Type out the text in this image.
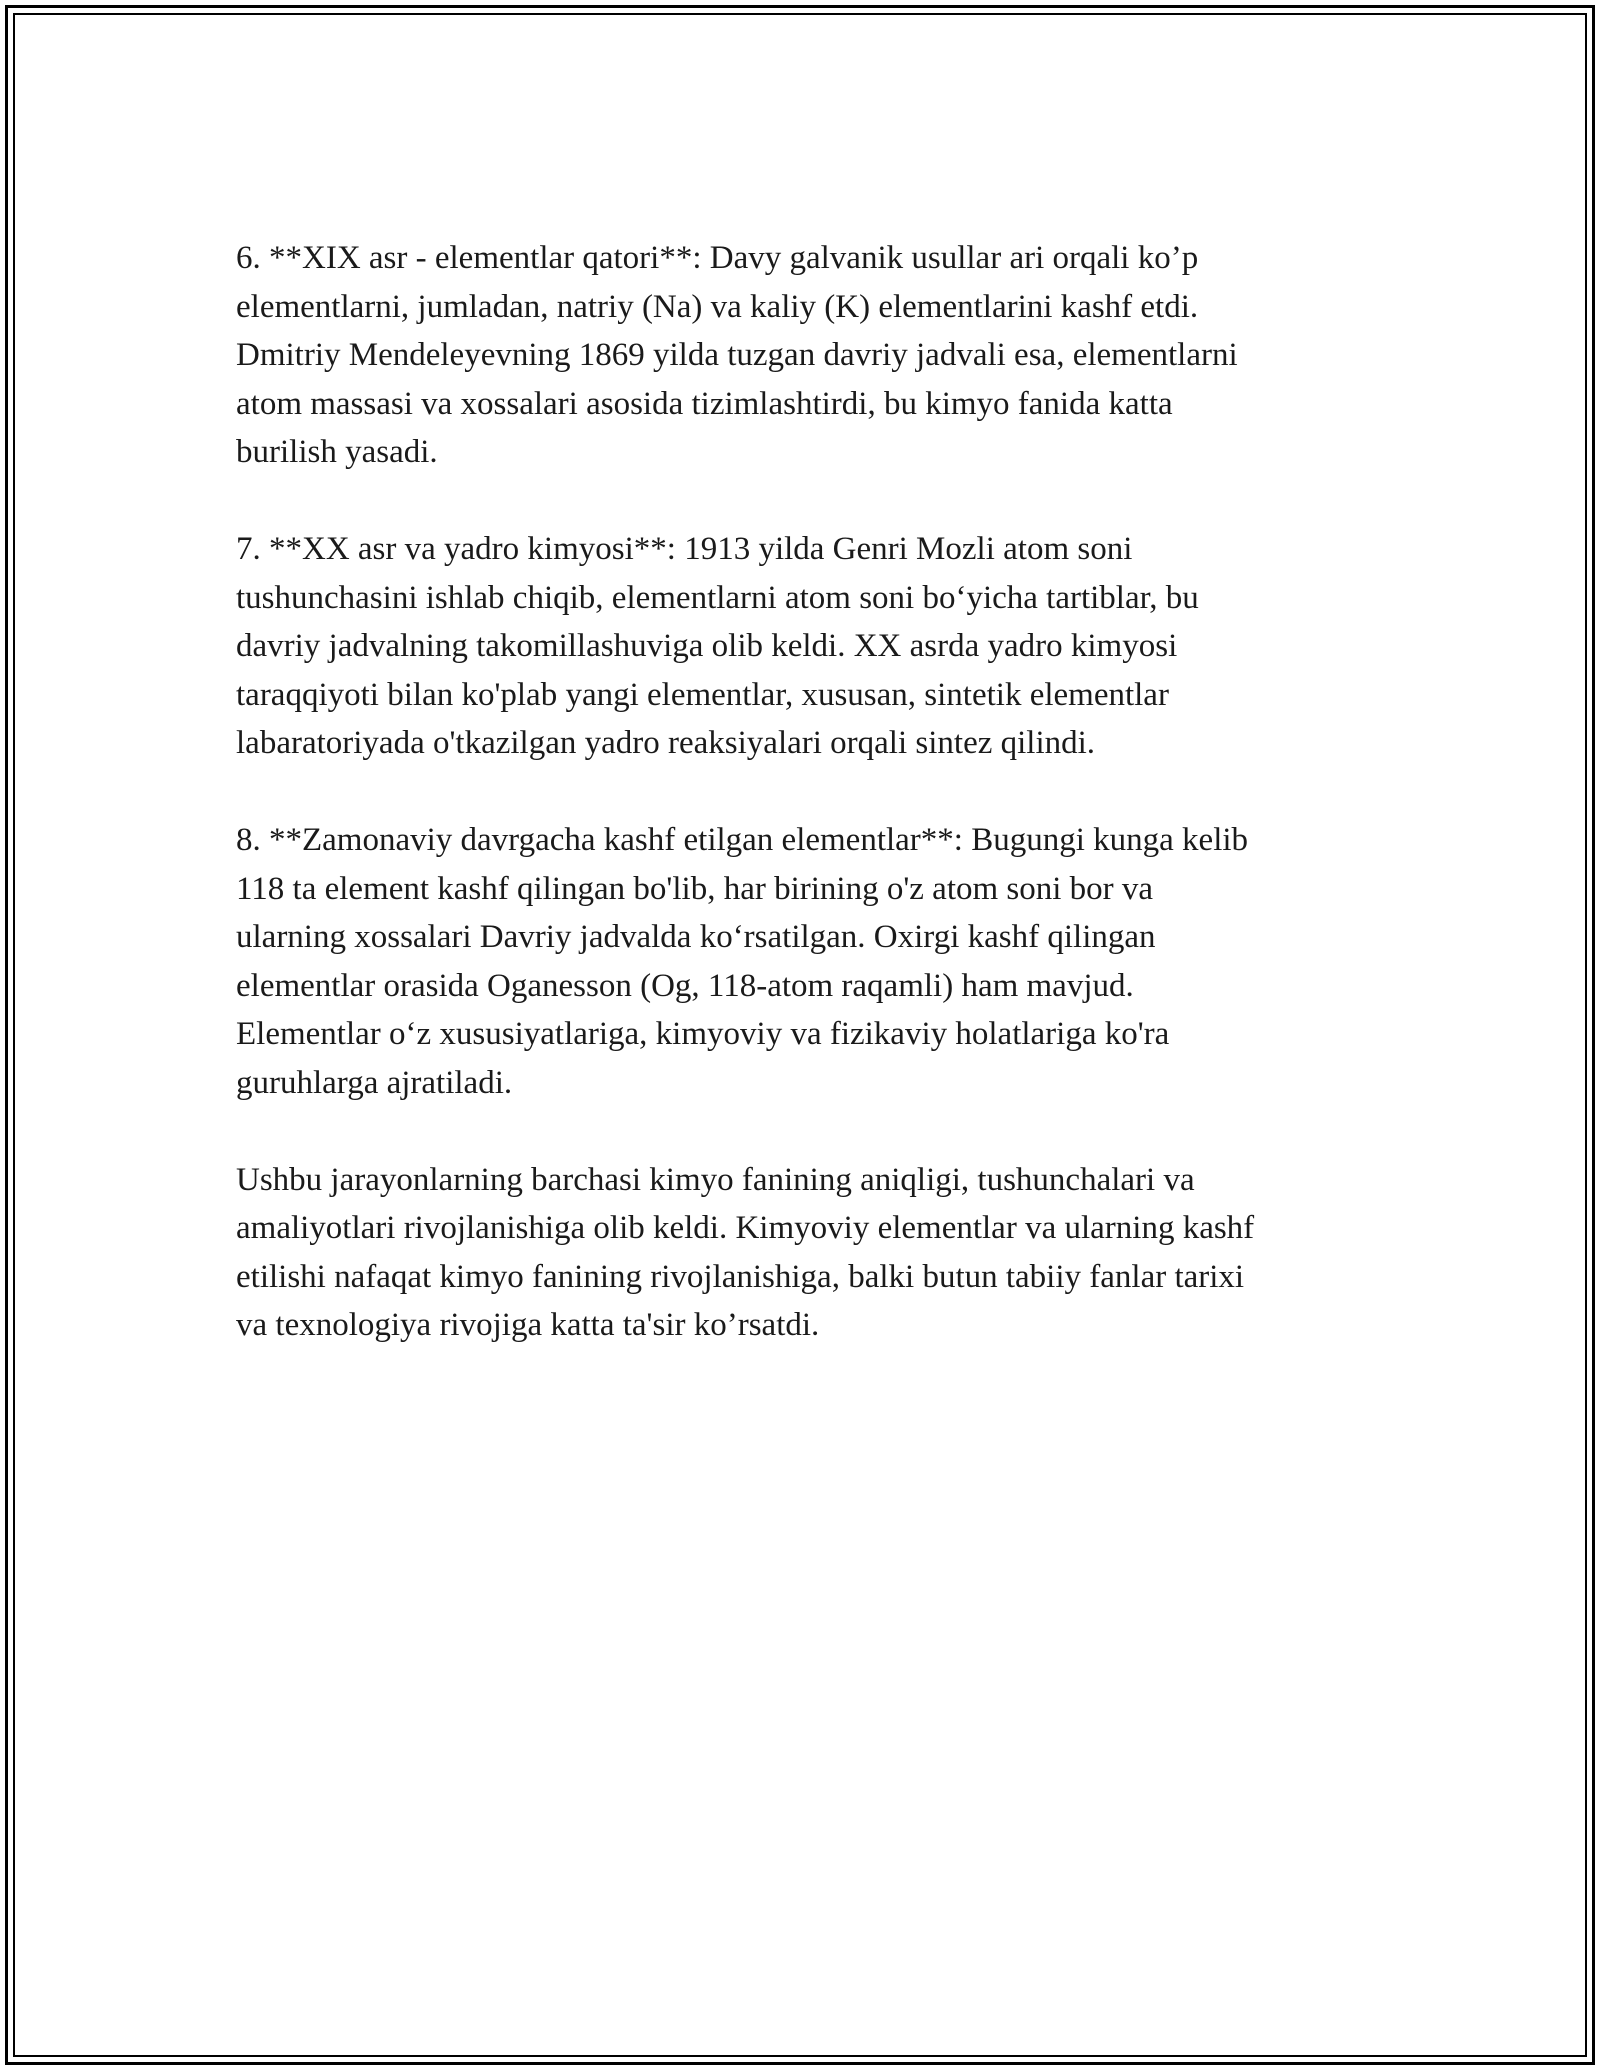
6. **XIX asr - elementlar qatori**: Davy galvanik usullar ari orqali ko’p
elementlarni, jumladan, natriy (Na) va kaliy (K) elementlarini kashf etdi.
Dmitriy Mendeleyevning 1869 yilda tuzgan davriy jadvali esa, elementlarni
atom massasi va xossalari asosida tizimlashtirdi, bu kimyo fanida katta
burilish yasadi.

7. **XX asr va yadro kimyosi**: 1913 yilda Genri Mozli atom soni
tushunchasini ishlab chiqib, elementlarni atom soni bo‘yicha tartiblar, bu
davriy jadvalning takomillashuviga olib keldi. XX asrda yadro kimyosi
taraqqiyoti bilan ko'plab yangi elementlar, xususan, sintetik elementlar
labaratoriyada o'tkazilgan yadro reaksiyalari orqali sintez qilindi.

8. **Zamonaviy davrgacha kashf etilgan elementlar**: Bugungi kunga kelib
118 ta element kashf qilingan bo'lib, har birining o'z atom soni bor va
ularning xossalari Davriy jadvalda ko‘rsatilgan. Oxirgi kashf qilingan
elementlar orasida Oganesson (Og, 118-atom raqamli) ham mavjud.
Elementlar o‘z xususiyatlariga, kimyoviy va fizikaviy holatlariga ko'ra
guruhlarga ajratiladi.

Ushbu jarayonlarning barchasi kimyo fanining aniqligi, tushunchalari va
amaliyotlari rivojlanishiga olib keldi. Kimyoviy elementlar va ularning kashf
etilishi nafaqat kimyo fanining rivojlanishiga, balki butun tabiiy fanlar tarixi
va texnologiya rivojiga katta ta'sir ko’rsatdi.
